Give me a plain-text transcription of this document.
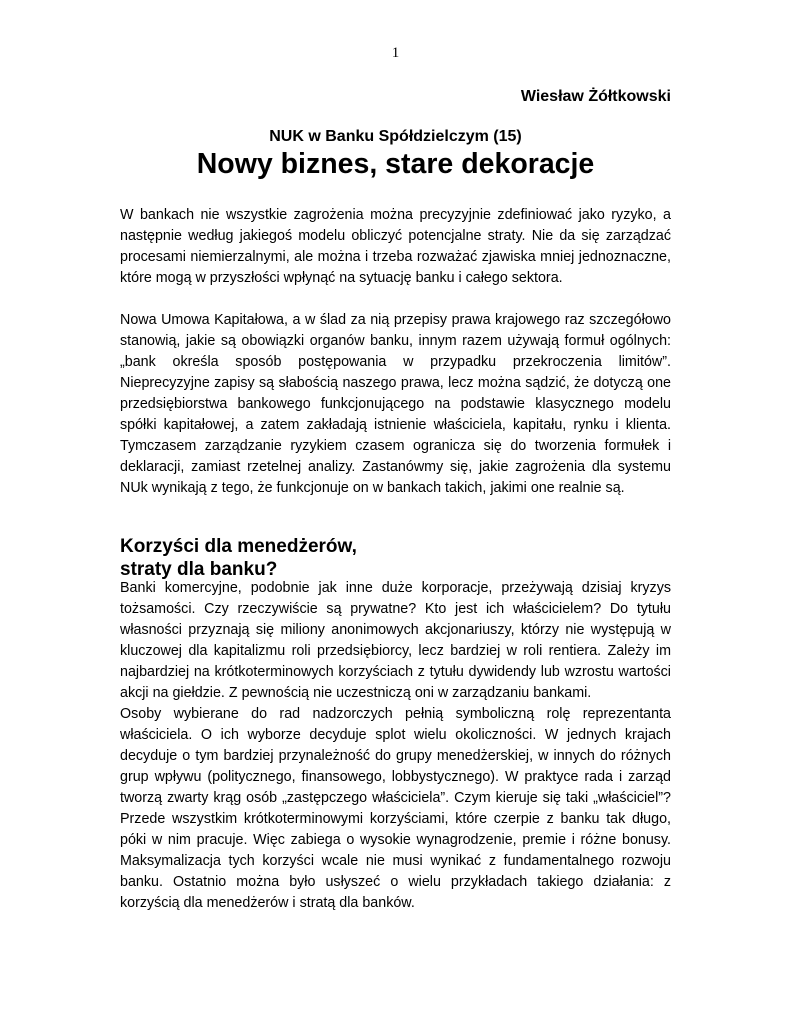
1
Wiesław Żółtkowski
NUK w Banku Spółdzielczym (15)
Nowy biznes, stare dekoracje

W bankach nie wszystkie zagrożenia można precyzyjnie zdefiniować jako ryzyko, a następnie według jakiegoś modelu obliczyć potencjalne straty. Nie da się zarządzać procesami niemierzalnymi, ale można i trzeba rozważać zjawiska mniej jednoznaczne, które mogą w przyszłości wpłynąć na sytuację banku i całego sektora.

Nowa Umowa Kapitałowa, a w ślad za nią przepisy prawa krajowego raz szczegółowo stanowią, jakie są obowiązki organów banku, innym razem używają formuł ogólnych: „bank określa sposób postępowania w przypadku przekroczenia limitów”. Nieprecyzyjne zapisy są słabością naszego prawa, lecz można sądzić, że dotyczą one przedsiębiorstwa bankowego funkcjonującego na podstawie klasycznego modelu spółki kapitałowej, a zatem zakładają istnienie właściciela, kapitału, rynku i klienta. Tymczasem zarządzanie ryzykiem czasem ogranicza się do tworzenia formułek i deklaracji, zamiast rzetelnej analizy. Zastanówmy się, jakie zagrożenia dla systemu NUk wynikają z tego, że funkcjonuje on w bankach takich, jakimi one realnie są.

Korzyści dla menedżerów,
straty dla banku?

Banki komercyjne, podobnie jak inne duże korporacje, przeżywają dzisiaj kryzys tożsamości. Czy rzeczywiście są prywatne? Kto jest ich właścicielem? Do tytułu własności przyznają się miliony anonimowych akcjonariuszy, którzy nie występują w kluczowej dla kapitalizmu roli przedsiębiorcy, lecz bardziej w roli rentiera. Zależy im najbardziej na krótkoterminowych korzyściach z tytułu dywidendy lub wzrostu wartości akcji na giełdzie. Z pewnością nie uczestniczą oni w zarządzaniu bankami.

Osoby wybierane do rad nadzorczych pełnią symboliczną rolę reprezentanta właściciela. O ich wyborze decyduje splot wielu okoliczności. W jednych krajach decyduje o tym bardziej przynależność do grupy menedżerskiej, w innych do różnych grup wpływu (politycznego, finansowego, lobbystycznego). W praktyce rada i zarząd tworzą zwarty krąg osób „zastępczego właściciela”. Czym kieruje się taki „właściciel”? Przede wszystkim krótkoterminowymi korzyściami, które czerpie z banku tak długo, póki w nim pracuje. Więc zabiega o wysokie wynagrodzenie, premie i różne bonusy. Maksymalizacja tych korzyści wcale nie musi wynikać z fundamentalnego rozwoju banku. Ostatnio można było usłyszeć o wielu przykładach takiego działania: z korzyścią dla menedżerów i stratą dla banków.
